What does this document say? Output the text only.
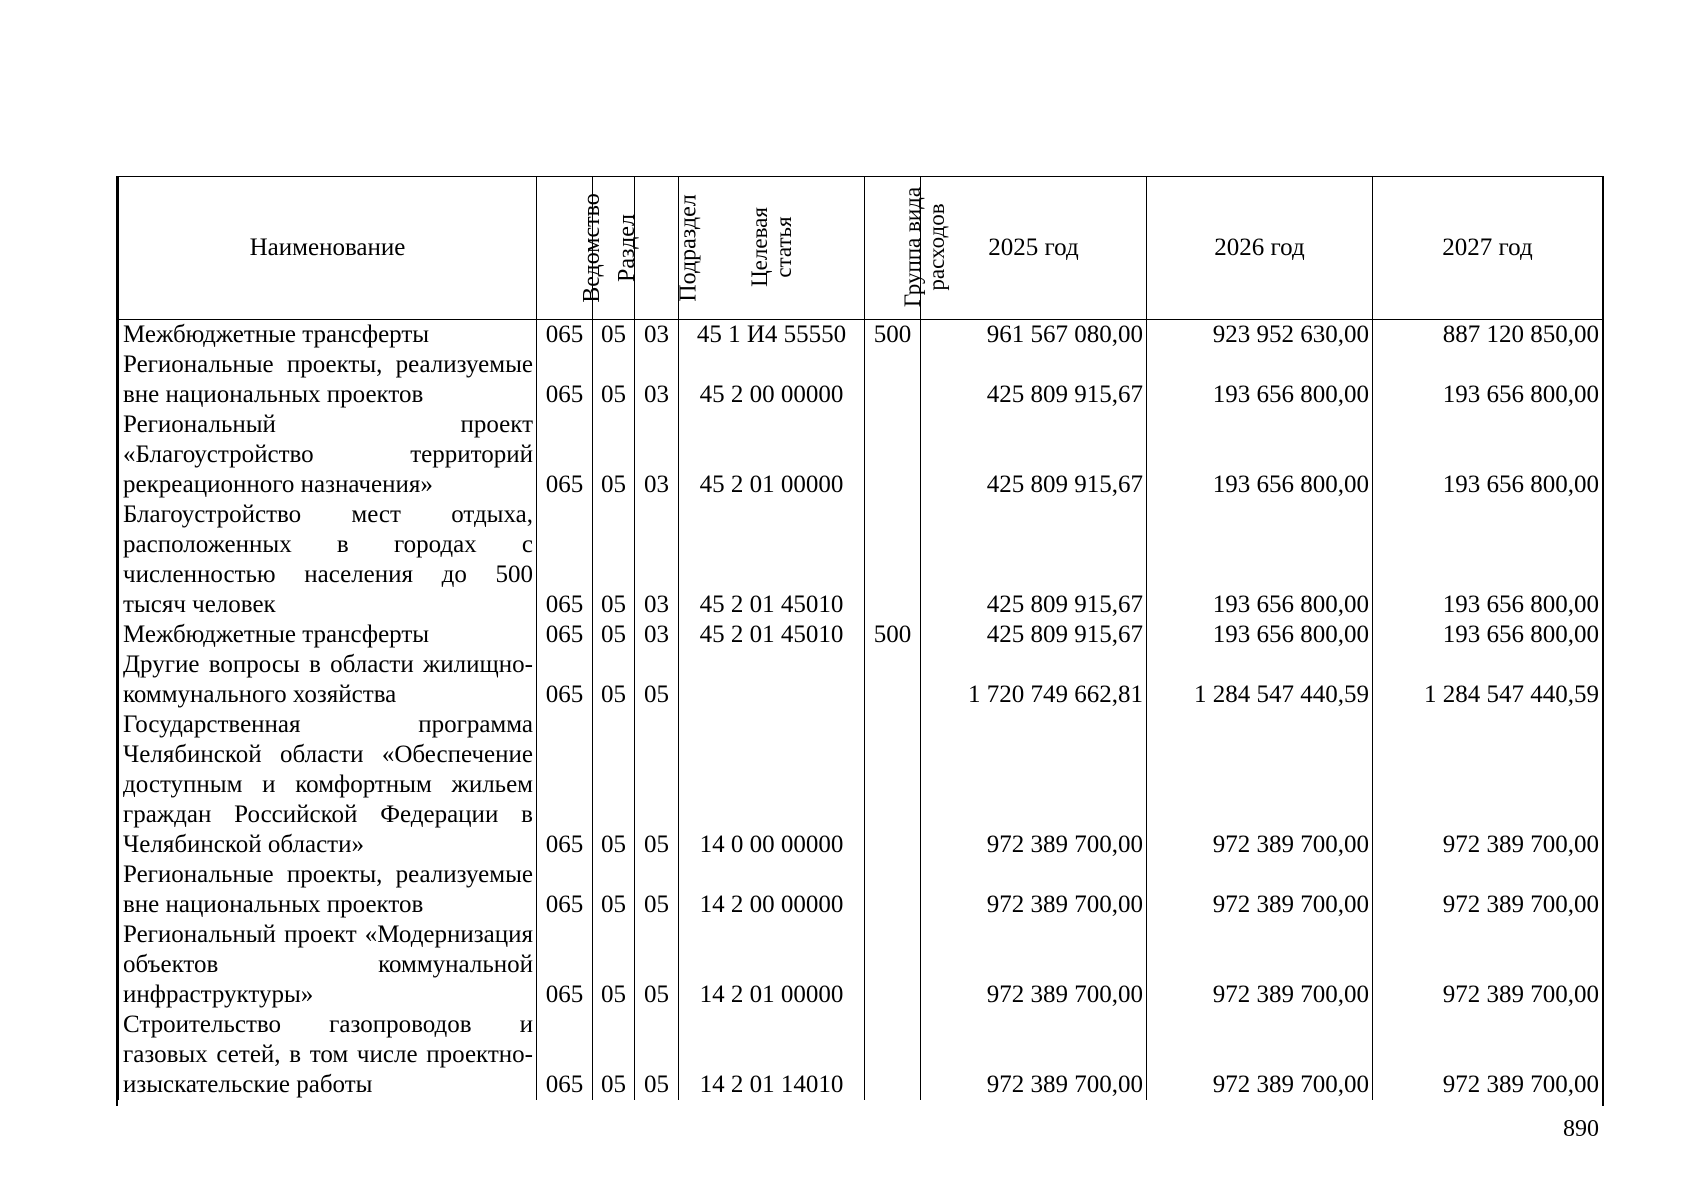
Наименование	Ведомство	Раздел	Подраздел	Целевая
статья	Группа вида
расходов	2025 год	2026 год	2027 год
Межбюджетные трансферты	065	05	03	45 1 И4 55550	500	961 567 080,00	923 952 630,00	887 120 850,00
Региональные проекты, реализуемые вне национальных проектов	065	05	03	45 2 00 00000		425 809 915,67	193 656 800,00	193 656 800,00
Региональный проект «Благоустройство территорий рекреационного назначения»	065	05	03	45 2 01 00000		425 809 915,67	193 656 800,00	193 656 800,00
Благоустройство мест отдыха, расположенных в городах с численностью населения до 500 тысяч человек	065	05	03	45 2 01 45010		425 809 915,67	193 656 800,00	193 656 800,00
Межбюджетные трансферты	065	05	03	45 2 01 45010	500	425 809 915,67	193 656 800,00	193 656 800,00
Другие вопросы в области жилищно-коммунального хозяйства	065	05	05			1 720 749 662,81	1 284 547 440,59	1 284 547 440,59
Государственная программа Челябинской области «Обеспечение доступным и комфортным жильем граждан Российской Федерации в Челябинской области»	065	05	05	14 0 00 00000		972 389 700,00	972 389 700,00	972 389 700,00
Региональные проекты, реализуемые вне национальных проектов	065	05	05	14 2 00 00000		972 389 700,00	972 389 700,00	972 389 700,00
Региональный проект «Модернизация объектов коммунальной инфраструктуры»	065	05	05	14 2 01 00000		972 389 700,00	972 389 700,00	972 389 700,00
Строительство газопроводов и газовых сетей, в том числе проектно-изыскательские работы	065	05	05	14 2 01 14010		972 389 700,00	972 389 700,00	972 389 700,00
890
